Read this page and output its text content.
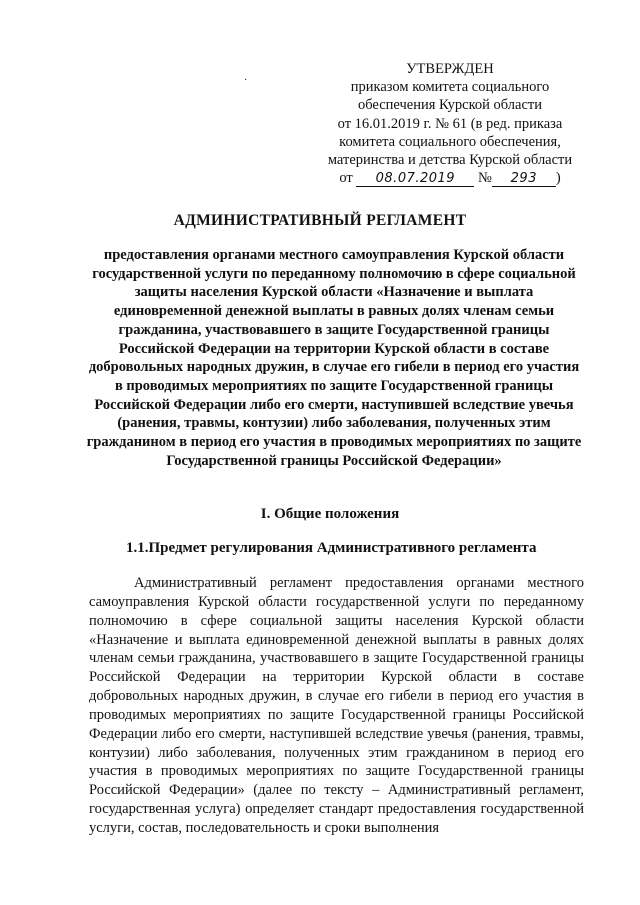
·
УТВЕРЖДЕН
приказом комитета социального
обеспечения Курской области
от 16.01.2019 г. № 61 (в ред. приказа
комитета социального обеспечения,
материнства и детства Курской области
от 08.07.2019 № 293 )
АДМИНИСТРАТИВНЫЙ РЕГЛАМЕНТ
предоставления органами местного самоуправления Курской области государственной услуги по переданному полномочию в сфере социальной защиты населения Курской области «Назначение и выплата единовременной денежной выплаты в равных долях членам семьи гражданина, участвовавшего в защите Государственной границы Российской Федерации на территории Курской области в составе добровольных народных дружин, в случае его гибели в период его участия в проводимых мероприятиях по защите Государственной границы Российской Федерации либо его смерти, наступившей вследствие увечья (ранения, травмы, контузии) либо заболевания, полученных этим гражданином в период его участия в проводимых мероприятиях по защите Государственной границы Российской Федерации»
I. Общие положения
1.1.Предмет регулирования Административного регламента

Административный регламент предоставления органами местного самоуправления Курской области государственной услуги по переданному полномочию в сфере социальной защиты населения Курской области «Назначение и выплата единовременной денежной выплаты в равных долях членам семьи гражданина, участвовавшего в защите Государственной границы Российской Федерации на территории Курской области в составе добровольных народных дружин, в случае его гибели в период его участия в проводимых мероприятиях по защите Государственной границы Российской Федерации либо его смерти, наступившей вследствие увечья (ранения, травмы, контузии) либо заболевания, полученных этим гражданином в период его участия в проводимых мероприятиях по защите Государственной границы Российской Федерации» (далее по тексту – Административный регламент, государственная услуга) определяет стандарт предоставления государственной услуги, состав, последовательность и сроки выполнения
